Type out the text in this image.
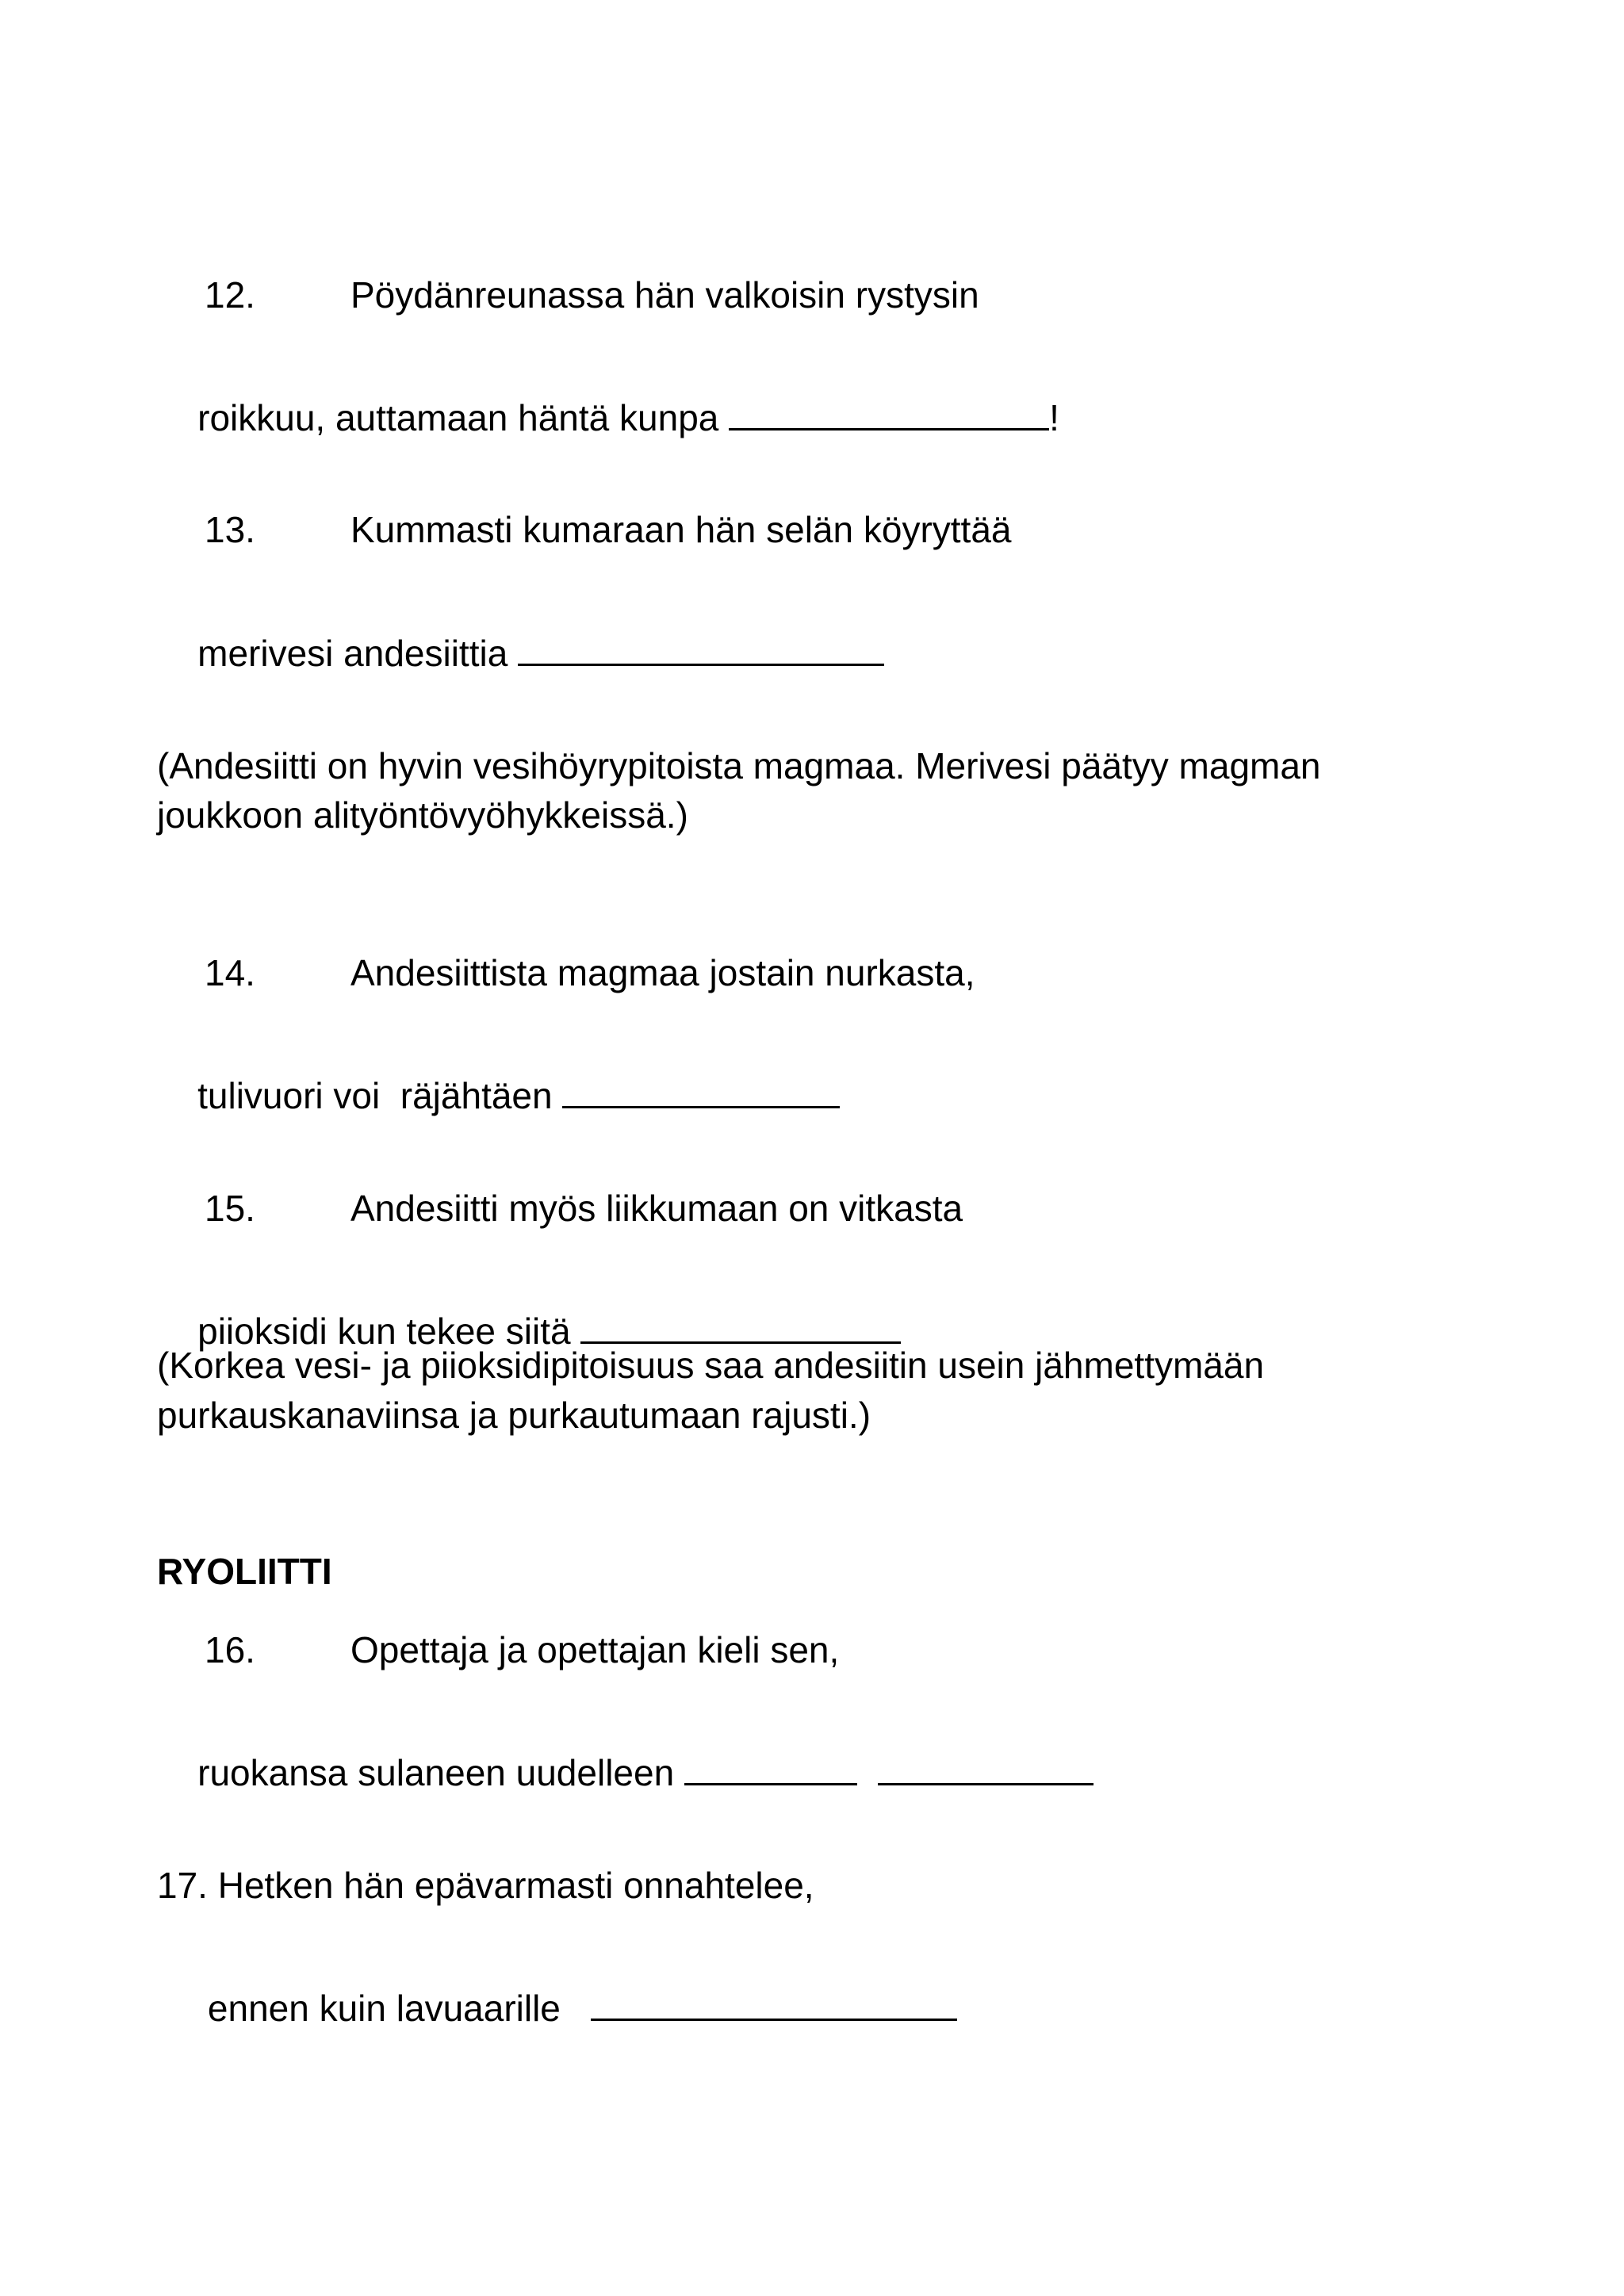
12.	Pöydänreunassa hän valkoisin rystysin

roikkuu, auttamaan häntä kunpa	!

13.	Kummasti kumaraan hän selän köyryttää

merivesi andesiittia

(Andesiitti on hyvin vesihöyrypitoista magmaa. Merivesi päätyy magman
joukkoon alityöntövyöhykkeissä.)
14.	Andesiittista magmaa jostain nurkasta,

tulivuori voi  räjähtäen

15.	Andesiitti myös liikkumaan on vitkasta

piioksidi kun tekee siitä

(Korkea vesi- ja piioksidipitoisuus saa andesiitin usein jähmettymään
purkauskanaviinsa ja purkautumaan rajusti.)
RYOLIITTI
16.	Opettaja ja opettajan kieli sen,

ruokansa sulaneen uudelleen

17. Hetken hän epävarmasti onnahtelee,

ennen kuin lavuaarille
